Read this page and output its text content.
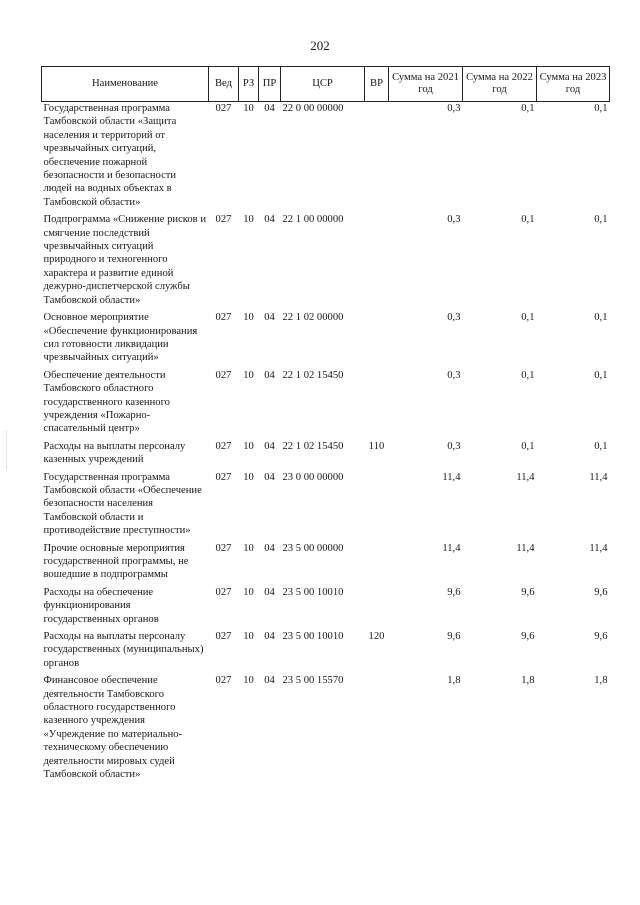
202
Наименование	Вед	РЗ	ПР	ЦСР	ВР	Сумма на 2021 год	Сумма на 2022 год	Сумма на 2023 год
Государственная программа Тамбовской области «Защита населения и территорий от чрезвычайных ситуаций, обеспечение пожарной безопасности и безопасности людей на водных объектах в Тамбовской области»	027	10	04	22 0 00 00000		0,3	0,1	0,1
Подпрограмма «Снижение рисков и смягчение последствий чрезвычайных ситуаций природного и техногенного характера и развитие единой дежурно-диспетчерской службы Тамбовской области»	027	10	04	22 1 00 00000		0,3	0,1	0,1
Основное мероприятие «Обеспечение функционирования сил готовности ликвидации чрезвычайных ситуаций»	027	10	04	22 1 02 00000		0,3	0,1	0,1
Обеспечение деятельности Тамбовского областного государственного казенного учреждения «Пожарно-спасательный центр»	027	10	04	22 1 02 15450		0,3	0,1	0,1
Расходы на выплаты персоналу казенных учреждений	027	10	04	22 1 02 15450	110	0,3	0,1	0,1
Государственная программа Тамбовской области «Обеспечение безопасности населения Тамбовской области и противодействие преступности»	027	10	04	23 0 00 00000		11,4	11,4	11,4
Прочие основные мероприятия государственной программы, не вошедшие в подпрограммы	027	10	04	23 5 00 00000		11,4	11,4	11,4
Расходы на обеспечение функционирования государственных органов	027	10	04	23 5 00 10010		9,6	9,6	9,6
Расходы на выплаты персоналу государственных (муниципальных) органов	027	10	04	23 5 00 10010	120	9,6	9,6	9,6
Финансовое обеспечение деятельности Тамбовского областного государственного казенного учреждения «Учреждение по материально-техническому обеспечению деятельности мировых судей Тамбовской области»	027	10	04	23 5 00 15570		1,8	1,8	1,8
